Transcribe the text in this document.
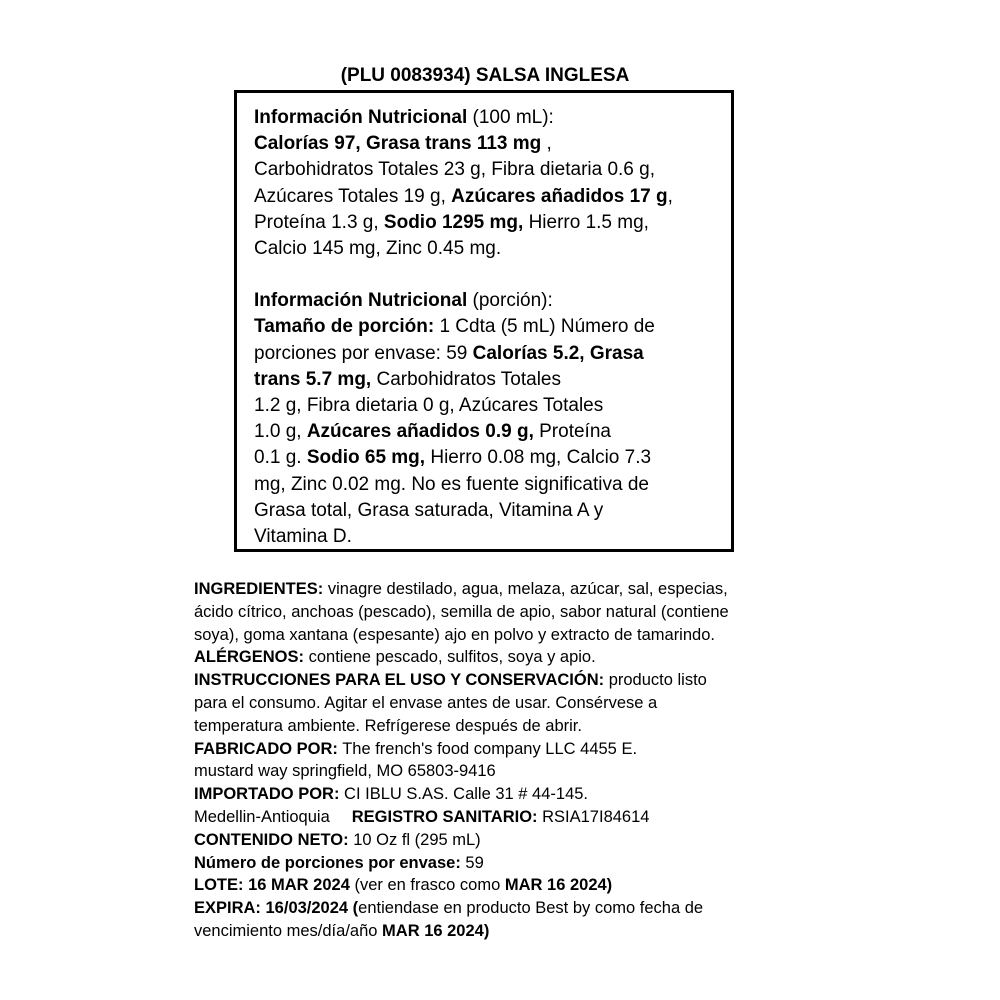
(PLU 0083934) SALSA INGLESA

Información Nutricional (100 mL):

Calorías 97, Grasa trans 113 mg ,

Carbohidratos Totales 23 g, Fibra dietaria 0.6 g,

Azúcares Totales 19 g, Azúcares añadidos 17 g,

Proteína 1.3 g, Sodio 1295 mg, Hierro 1.5 mg,

Calcio 145 mg, Zinc 0.45 mg.

Información Nutricional (porción):

Tamaño de porción: 1 Cdta (5 mL) Número de

porciones por envase: 59 Calorías 5.2, Grasa

trans 5.7 mg, Carbohidratos Totales

1.2 g, Fibra dietaria 0 g, Azúcares Totales

1.0 g, Azúcares añadidos 0.9 g, Proteína

0.1 g. Sodio 65 mg, Hierro 0.08 mg, Calcio 7.3

mg, Zinc 0.02 mg. No es fuente significativa de

Grasa total, Grasa saturada, Vitamina A y

Vitamina D.

INGREDIENTES: vinagre destilado, agua, melaza, azúcar, sal, especias,

ácido cítrico, anchoas (pescado), semilla de apio, sabor natural (contiene

soya), goma xantana (espesante) ajo en polvo y extracto de tamarindo.

ALÉRGENOS: contiene pescado, sulfitos, soya y apio.

INSTRUCCIONES PARA EL USO Y CONSERVACIÓN: producto listo

para el consumo. Agitar el envase antes de usar. Consérvese a

temperatura ambiente. Refrígerese después de abrir.

FABRICADO POR: The french's food company LLC 4455 E.

mustard way springfield, MO 65803-9416

IMPORTADO POR: CI IBLU S.AS. Calle 31 # 44-145.

Medellin-Antioquia REGISTRO SANITARIO: RSIA17I84614

CONTENIDO NETO: 10 Oz fl (295 mL)

Número de porciones por envase: 59

LOTE: 16 MAR 2024 (ver en frasco como MAR 16 2024)

EXPIRA: 16/03/2024 (entiendase en producto Best by como fecha de

vencimiento mes/día/año MAR 16 2024)
